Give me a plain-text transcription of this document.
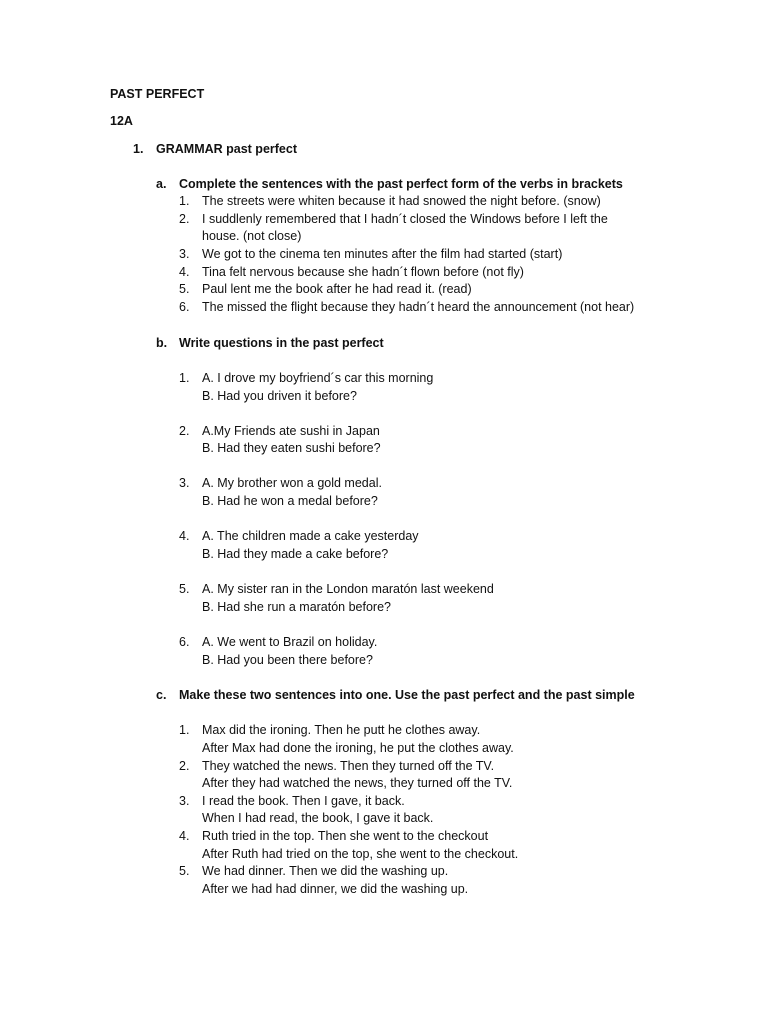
PAST PERFECT
12A
1. GRAMMAR past perfect
a. Complete the sentences with the past perfect form of the verbs in brackets
1. The streets were whiten because it had snowed the night before. (snow)
2. I suddlenly remembered that I hadn´t closed the Windows before I left the
house. (not close)
3. We got to the cinema ten minutes after the film had started (start)
4. Tina felt nervous because she hadn´t flown before (not fly)
5. Paul lent me the book after he had read it. (read)
6. The missed the flight because they hadn´t heard the announcement (not hear)
b. Write questions in the past perfect
1. A. I drove my boyfriend´s car this morning
B. Had you driven it before?
2. A.My Friends ate sushi in Japan
B. Had they eaten sushi before?
3. A. My brother won a gold medal.
B. Had he won a medal before?
4. A. The children made a cake yesterday
B. Had they made a cake before?
5. A. My sister ran in the London maratón last weekend
B. Had she run a maratón before?
6. A. We went to Brazil on holiday.
B. Had you been there before?
c. Make these two sentences into one. Use the past perfect and the past simple
1. Max did the ironing. Then he putt he clothes away.
After Max had done the ironing, he put the clothes away.
2. They watched the news. Then they turned off the TV.
After they had watched the news, they turned off the TV.
3. I read the book. Then I gave, it back.
When I had read, the book, I gave it back.
4. Ruth tried in the top. Then she went to the checkout
After Ruth had tried on the top, she went to the checkout.
5. We had dinner. Then we did the washing up.
After we had had dinner, we did the washing up.
